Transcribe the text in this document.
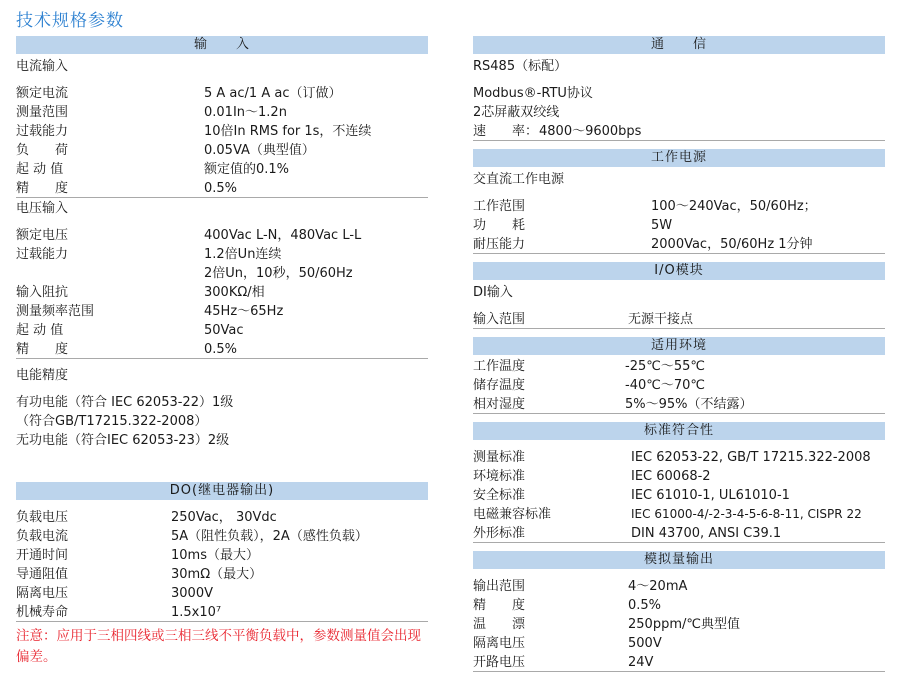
技术规格参数
输　　入
电流输入
额定电流	5 A ac/1 A ac（订做）
测量范围	0.01In～1.2n
过载能力	10倍In RMS for 1s，不连续
负　　荷	0.05VA（典型值）
起 动 值	额定值的0.1%
精　　度	0.5%
电压输入
额定电压	400Vac L-N，480Vac L-L
过载能力	1.2倍Un连续
2倍Un，10秒，50/60Hz
输入阻抗	300KΩ/相
测量频率范围	45Hz～65Hz
起 动 值	50Vac
精　　度	0.5%
电能精度
有功电能（符合 IEC 62053-22）1级
（符合GB/T17215.322-2008）
无功电能（符合IEC 62053-23）2级
DO(继电器输出)
负载电压	250Vac， 30Vdc
负载电流	5A（阻性负载），2A（感性负载）
开通时间	10ms（最大）
导通阻值	30mΩ（最大）
隔离电压	3000V
机械寿命	1.5x10⁷
注意：应用于三相四线或三相三线不平衡负载中，参数测量值会出现偏差。
通　　信
RS485（标配）
Modbus®-RTU协议
2芯屏蔽双绞线
速　　率： 4800～9600bps
工作电源
交直流工作电源
工作范围	100～240Vac，50/60Hz；
功　　耗	5W
耐压能力	2000Vac，50/60Hz 1分钟
I/O模块
DI输入
输入范围	无源干接点
适用环境
工作温度	-25℃～55℃
储存温度	-40℃～70℃
相对湿度	5%～95%（不结露）
标准符合性
测量标准	IEC 62053-22, GB/T 17215.322-2008
环境标准	IEC 60068-2
安全标准	IEC 61010-1, UL61010-1
电磁兼容标准	IEC 61000-4/-2-3-4-5-6-8-11, CISPR 22
外形标准	DIN 43700, ANSI C39.1
模拟量输出
输出范围	4～20mA
精　　度	0.5%
温　　漂	250ppm/℃典型值
隔离电压	500V
开路电压	24V
